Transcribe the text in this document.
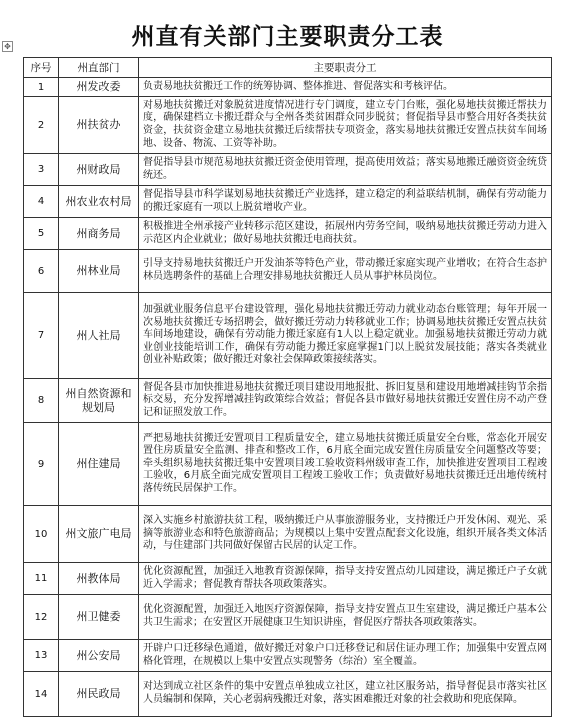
州直有关部门主要职责分工表
✥
序号	州直部门	主要职责分工
1	州发改委	负责易地扶贫搬迁工作的统筹协调、整体推进、督促落实和考核评估。
2	州扶贫办	对易地扶贫搬迁对象脱贫进度情况进行专门调度，建立专门台账，强化易地扶贫搬迁帮扶力度，确保建档立卡搬迁群众与全州各类贫困群众同步脱贫；督促指导县市整合用好各类扶贫资金，扶贫资金建立易地扶贫搬迁后续帮扶专项资金，落实易地扶贫搬迁安置点扶贫车间场地、设备、物流、工资等补助。
3	州财政局	督促指导县市规范易地扶贫搬迁资金使用管理，提高使用效益；落实易地搬迁融资资金统贷统还。
4	州农业农村局	督促指导县市科学谋划易地扶贫搬迁产业选择，建立稳定的利益联结机制，确保有劳动能力的搬迁家庭有一项以上脱贫增收产业。
5	州商务局	积极推进全州承接产业转移示范区建设，拓展州内劳务空间，吸纳易地扶贫搬迁劳动力进入示范区内企业就业；做好易地扶贫搬迁电商扶贫。
6	州林业局	引导支持易地扶贫搬迁户开发油茶等特色产业，带动搬迁家庭实现产业增收；在符合生态护林员选聘条件的基础上合理安排易地扶贫搬迁人员从事护林员岗位。
7	州人社局	加强就业服务信息平台建设管理，强化易地扶贫搬迁劳动力就业动态台账管理；每年开展一次易地扶贫搬迁专场招聘会，做好搬迁劳动力转移就业工作；协调易地扶贫搬迁安置点扶贫车间场地建设，确保有劳动能力搬迁家庭有1人以上稳定就业。加强易地扶贫搬迁劳动力就业创业技能培训工作，确保有劳动能力搬迁家庭掌握1门以上脱贫发展技能；落实各类就业创业补贴政策；做好搬迁对象社会保障政策接续落实。
8	州自然资源和规划局	督促各县市加快推进易地扶贫搬迁项目建设用地报批、拆旧复垦和建设用地增减挂钩节余指标交易，充分发挥增减挂钩政策综合效益；督促各县市做好易地扶贫搬迁安置住房不动产登记和证照发放工作。
9	州住建局	严把易地扶贫搬迁安置项目工程质量安全，建立易地扶贫搬迁质量安全台账，常态化开展安置住房质量安全监测、排查和整改工作，6月底全面完成安置住房质量安全问题整改等要；牵头组织易地扶贫搬迁集中安置项目竣工验收资料州级审查工作，加快推进安置项目工程竣工验收，6月底全面完成安置项目工程竣工验收工作；负责做好易地扶贫搬迁迁出地传统村落传统民居保护工作。
10	州文旅广电局	深入实施乡村旅游扶贫工程，吸纳搬迁户从事旅游服务业，支持搬迁户开发休闲、观光、采摘等旅游业态和特色旅游商品；为规模以上集中安置点配套文化设施，组织开展各类文体活动，与住建部门共同做好保留古民居的认定工作。
11	州教体局	优化资源配置，加强迁入地教育资源保障，指导支持安置点幼儿园建设，满足搬迁户子女就近入学需求；督促教育帮扶各项政策落实。
12	州卫健委	优化资源配置，加强迁入地医疗资源保障，指导支持安置点卫生室建设，满足搬迁户基本公共卫生需求；在安置区开展健康卫生知识讲座，督促医疗帮扶各项政策落实。
13	州公安局	开辟户口迁移绿色通道，做好搬迁对象户口迁移登记和居住证办理工作；加强集中安置点网格化管理，在规模以上集中安置点实现警务（综治）室全覆盖。
14	州民政局	对达到成立社区条件的集中安置点单独成立社区，建立社区服务站，指导督促县市落实社区人员编制和保障，关心老弱病残搬迁对象，落实困难搬迁对象的社会救助和兜底保障。
